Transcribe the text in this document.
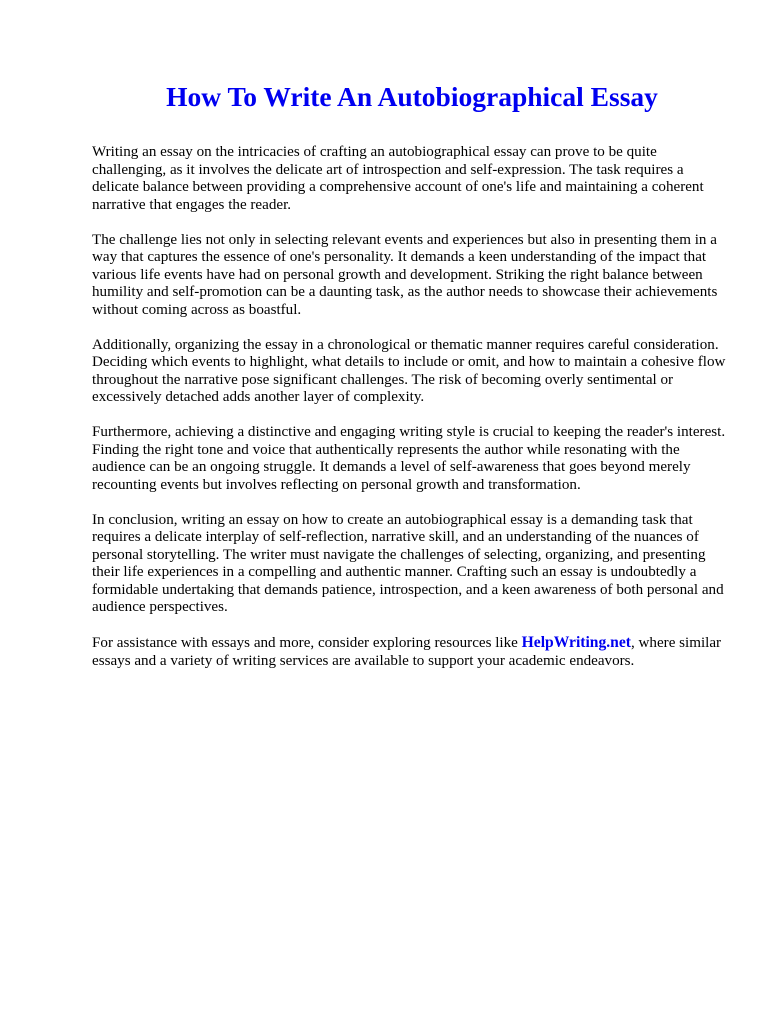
How To Write An Autobiographical Essay

Writing an essay on the intricacies of crafting an autobiographical essay can prove to be quite challenging, as it involves the delicate art of introspection and self-expression. The task requires a delicate balance between providing a comprehensive account of one's life and maintaining a coherent narrative that engages the reader.

The challenge lies not only in selecting relevant events and experiences but also in presenting them in a way that captures the essence of one's personality. It demands a keen understanding of the impact that various life events have had on personal growth and development. Striking the right balance between humility and self-promotion can be a daunting task, as the author needs to showcase their achievements without coming across as boastful.

Additionally, organizing the essay in a chronological or thematic manner requires careful consideration. Deciding which events to highlight, what details to include or omit, and how to maintain a cohesive flow throughout the narrative pose significant challenges. The risk of becoming overly sentimental or excessively detached adds another layer of complexity.

Furthermore, achieving a distinctive and engaging writing style is crucial to keeping the reader's interest. Finding the right tone and voice that authentically represents the author while resonating with the audience can be an ongoing struggle. It demands a level of self-awareness that goes beyond merely recounting events but involves reflecting on personal growth and transformation.

In conclusion, writing an essay on how to create an autobiographical essay is a demanding task that requires a delicate interplay of self-reflection, narrative skill, and an understanding of the nuances of personal storytelling. The writer must navigate the challenges of selecting, organizing, and presenting their life experiences in a compelling and authentic manner. Crafting such an essay is undoubtedly a formidable undertaking that demands patience, introspection, and a keen awareness of both personal and audience perspectives.

For assistance with essays and more, consider exploring resources like HelpWriting.net, where similar essays and a variety of writing services are available to support your academic endeavors.
